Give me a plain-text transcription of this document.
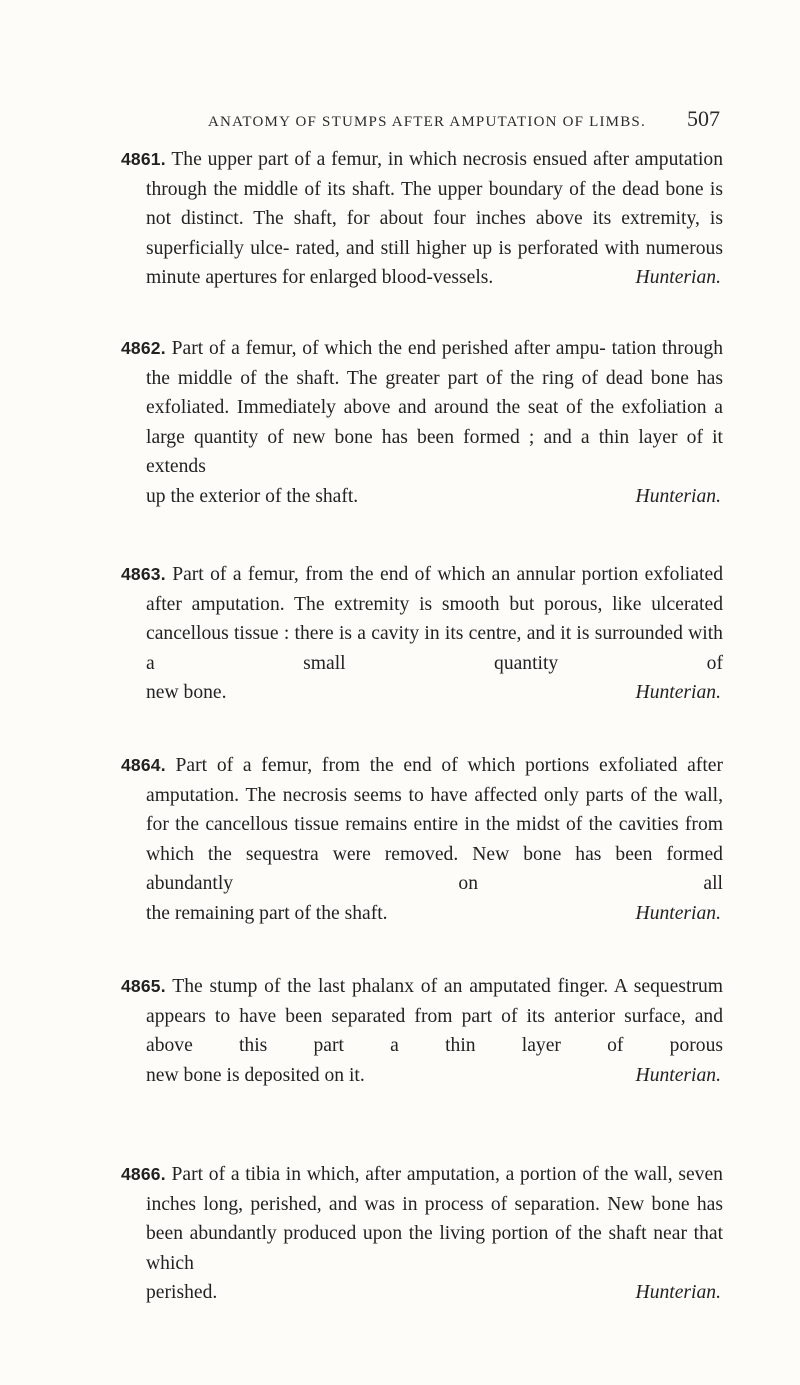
ANATOMY OF STUMPS AFTER AMPUTATION OF LIMBS. 507

4861. The upper part of a femur, in which necrosis ensued after amputation through the middle of its shaft. The upper boundary of the dead bone is not distinct. The shaft, for about four inches above its extremity, is superficially ulce- rated, and still higher up is perforated with numerous

minute apertures for enlarged blood-vessels.	Hunterian.

4862. Part of a femur, of which the end perished after ampu- tation through the middle of the shaft. The greater part of the ring of dead bone has exfoliated. Immediately above and around the seat of the exfoliation a large quantity of new bone has been formed ; and a thin layer of it extends

up the exterior of the shaft.	Hunterian.

4863. Part of a femur, from the end of which an annular portion exfoliated after amputation. The extremity is smooth but porous, like ulcerated cancellous tissue : there is a cavity in its centre, and it is surrounded with a small quantity of

new bone.	Hunterian.

4864. Part of a femur, from the end of which portions exfoliated after amputation. The necrosis seems to have affected only parts of the wall, for the cancellous tissue remains entire in the midst of the cavities from which the sequestra were removed. New bone has been formed abundantly on all

the remaining part of the shaft.	Hunterian.

4865. The stump of the last phalanx of an amputated finger. A sequestrum appears to have been separated from part of its anterior surface, and above this part a thin layer of porous

new bone is deposited on it.	Hunterian.

4866. Part of a tibia in which, after amputation, a portion of the wall, seven inches long, perished, and was in process of separation. New bone has been abundantly produced upon the living portion of the shaft near that which

perished.	Hunterian.
